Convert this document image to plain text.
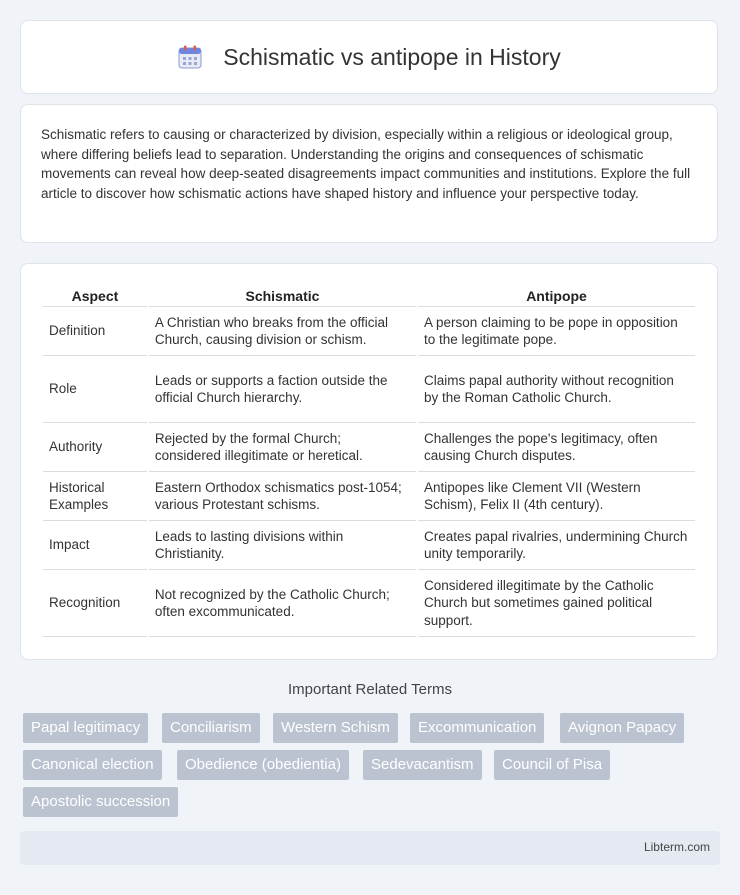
Schismatic vs antipope in History

Schismatic refers to causing or characterized by division, especially within a religious or ideological group, where differing beliefs lead to separation. Understanding the origins and consequences of schismatic movements can reveal how deep-seated disagreements impact communities and institutions. Explore the full article to discover how schismatic actions have shaped history and influence your perspective today.

Aspect	Schismatic	Antipope
Definition	A Christian who breaks from the official Church, causing division or schism.	A person claiming to be pope in opposition to the legitimate pope.
Role	Leads or supports a faction outside the official Church hierarchy.	Claims papal authority without recognition by the Roman Catholic Church.
Authority	Rejected by the formal Church; considered illegitimate or heretical.	Challenges the pope's legitimacy, often causing Church disputes.
Historical Examples	Eastern Orthodox schismatics post-1054; various Protestant schisms.	Antipopes like Clement VII (Western Schism), Felix II (4th century).
Impact	Leads to lasting divisions within Christianity.	Creates papal rivalries, undermining Church unity temporarily.
Recognition	Not recognized by the Catholic Church; often excommunicated.	Considered illegitimate by the Catholic Church but sometimes gained political support.
Important Related Terms
Papal legitimacy	Conciliarism	Western Schism	Excommunication	Avignon Papacy
Canonical election	Obedience (obedientia)	Sedevacantism	Council of Pisa
Apostolic succession
Libterm.com
